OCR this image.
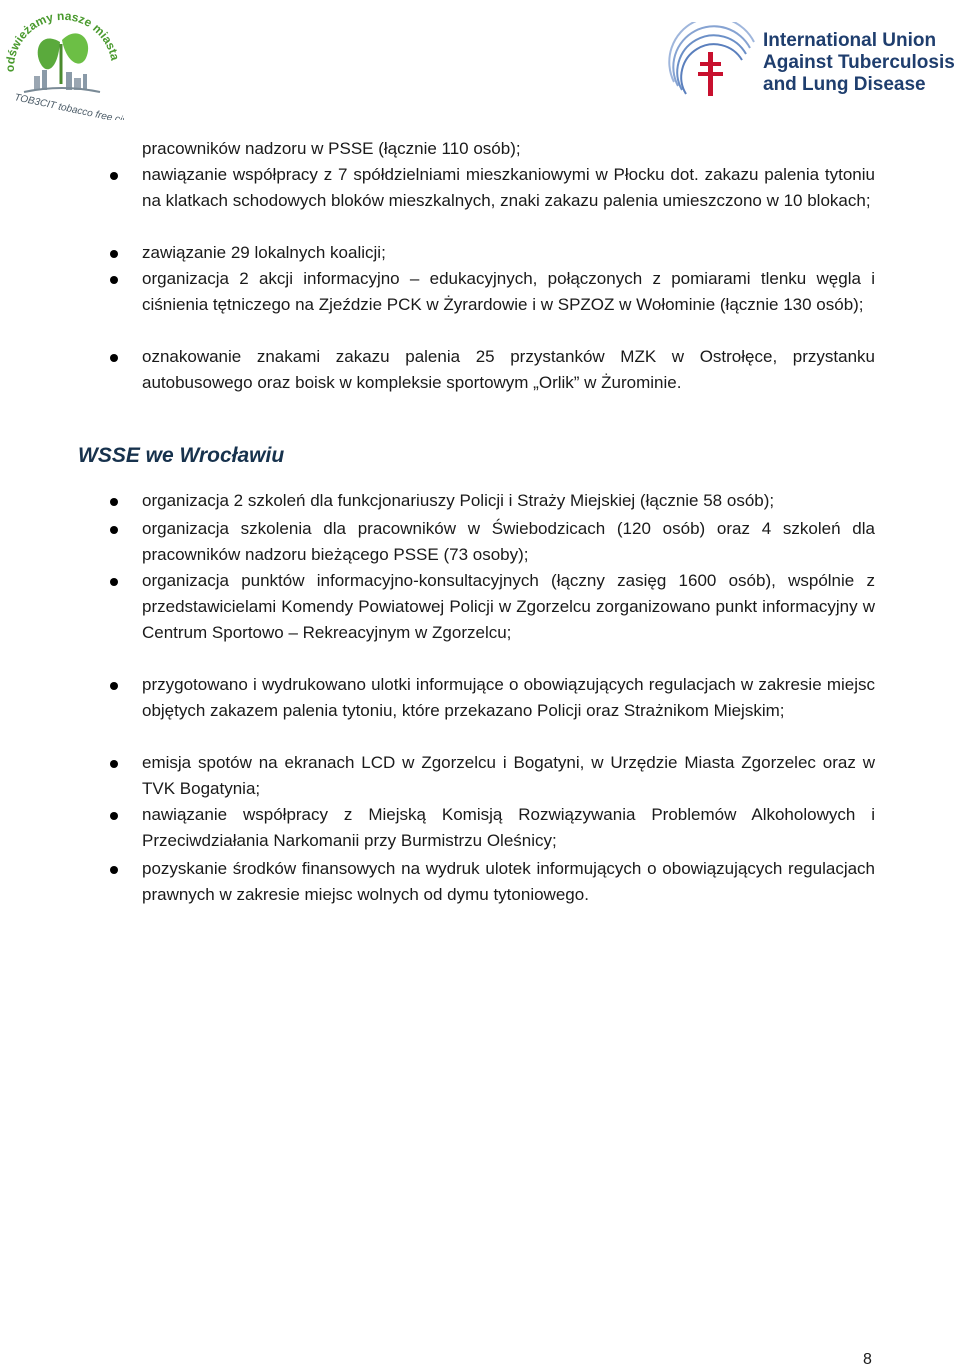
odświeżamy nasze miasta
TOB3CIT tobacco free
International Union
Against Tuberculosis
and Lung Disease
pracowników nadzoru w PSSE (łącznie 110 osób);
nawiązanie współpracy z 7 spółdzielniami mieszkaniowymi w Płocku dot. zakazu palenia tytoniu na klatkach schodowych bloków mieszkalnych, znaki zakazu palenia umieszczono w 10 blokach;
zawiązanie 29 lokalnych koalicji;
organizacja 2 akcji informacyjno – edukacyjnych, połączonych z pomiarami tlenku węgla i ciśnienia tętniczego na Zjeździe PCK w Żyrardowie i w SPZOZ w Wołominie (łącznie 130 osób);
oznakowanie znakami zakazu palenia 25 przystanków MZK w Ostrołęce, przystanku autobusowego oraz boisk w kompleksie sportowym „Orlik” w Żurominie.
WSSE we Wrocławiu
organizacja 2 szkoleń dla funkcjonariuszy Policji i Straży Miejskiej (łącznie 58 osób);
organizacja szkolenia dla pracowników w Świebodzicach (120 osób) oraz 4 szkoleń dla pracowników nadzoru bieżącego PSSE (73 osoby);
organizacja punktów informacyjno-konsultacyjnych (łączny zasięg 1600 osób), wspólnie z przedstawicielami Komendy Powiatowej Policji w Zgorzelcu zorganizowano punkt informacyjny w Centrum Sportowo – Rekreacyjnym w Zgorzelcu;
przygotowano i wydrukowano ulotki informujące o obowiązujących regulacjach w zakresie miejsc objętych zakazem palenia tytoniu, które przekazano Policji oraz Strażnikom Miejskim;
emisja spotów na ekranach LCD w Zgorzelcu i Bogatyni, w Urzędzie Miasta Zgorzelec oraz w TVK Bogatynia;
nawiązanie współpracy z Miejską Komisją Rozwiązywania Problemów Alkoholowych i Przeciwdziałania Narkomanii przy Burmistrzu Oleśnicy;
pozyskanie środków finansowych na wydruk ulotek informujących o obowiązujących regulacjach prawnych w zakresie miejsc wolnych od dymu tytoniowego.
8
